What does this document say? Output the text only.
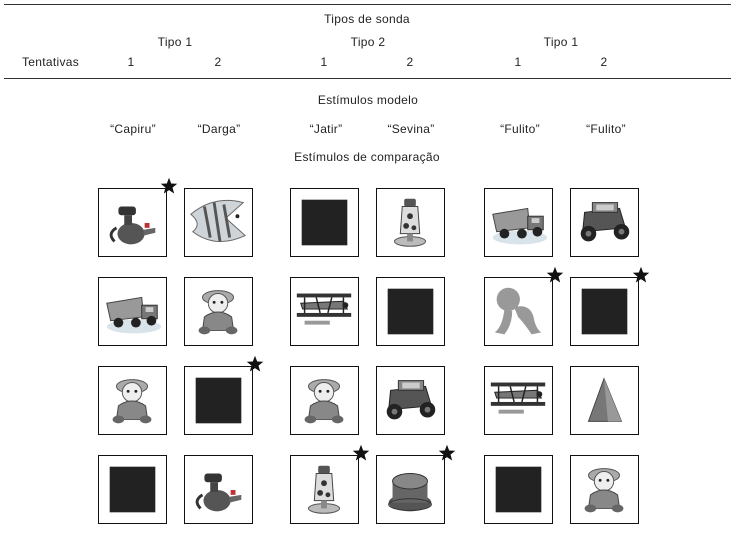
Tipos de sonda
Tipo 1	Tipo 2	Tipo 1
Tentativas	1	2	1	2	1	2
Estímulos modelo
“Capiru”	“Darga”	“Jatir”	“Sevina”	“Fulito”	“Fulito”
Estímulos de comparação
